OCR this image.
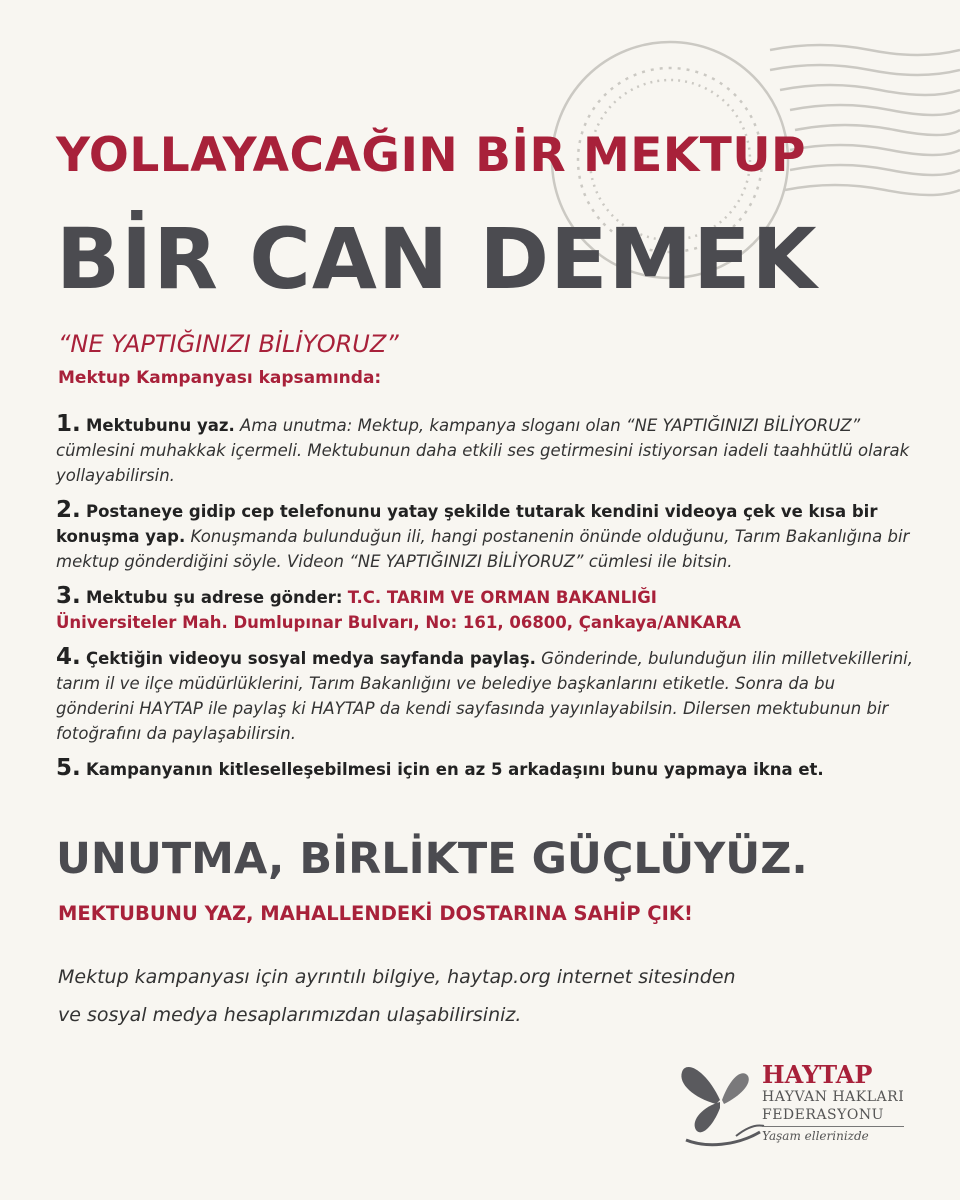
YOLLAYACAĞIN BİR MEKTUP
BİR CAN DEMEK

“NE YAPTIĞINIZI BİLİYORUZ”

Mektup Kampanyası kapsamında:

1. Mektubunu yaz. Ama unutma: Mektup, kampanya sloganı olan “NE YAPTIĞINIZI BİLİYORUZ” cümlesini muhakkak içermeli. Mektubunun daha etkili ses getirmesini istiyorsan iadeli taahhütlü olarak yollayabilirsin.

2. Postaneye gidip cep telefonunu yatay şekilde tutarak kendini videoya çek ve kısa bir konuşma yap. Konuşmanda bulunduğun ili, hangi postanenin önünde olduğunu, Tarım Bakanlığına bir mektup gönderdiğini söyle. Videon “NE YAPTIĞINIZI BİLİYORUZ” cümlesi ile bitsin.

3. Mektubu şu adrese gönder: T.C. TARIM VE ORMAN BAKANLIĞI
Üniversiteler Mah. Dumlupınar Bulvarı, No: 161, 06800, Çankaya/ANKARA

4. Çektiğin videoyu sosyal medya sayfanda paylaş. Gönderinde, bulunduğun ilin milletvekillerini, tarım il ve ilçe müdürlüklerini, Tarım Bakanlığını ve belediye başkanlarını etiketle. Sonra da bu gönderini HAYTAP ile paylaş ki HAYTAP da kendi sayfasında yayınlayabilsin. Dilersen mektubunun bir fotoğrafını da paylaşabilirsin.

5. Kampanyanın kitleselleşebilmesi için en az 5 arkadaşını bunu yapmaya ikna et.

UNUTMA, BİRLİKTE GÜÇLÜYÜZ.

MEKTUBUNU YAZ, MAHALLENDEKİ DOSTARINA SAHİP ÇIK!

Mektup kampanyası için ayrıntılı bilgiye, haytap.org internet sitesinden
ve sosyal medya hesaplarımızdan ulaşabilirsiniz.
HAYTAP
HAYVAN HAKLARI
FEDERASYONU
Yaşam ellerinizde
